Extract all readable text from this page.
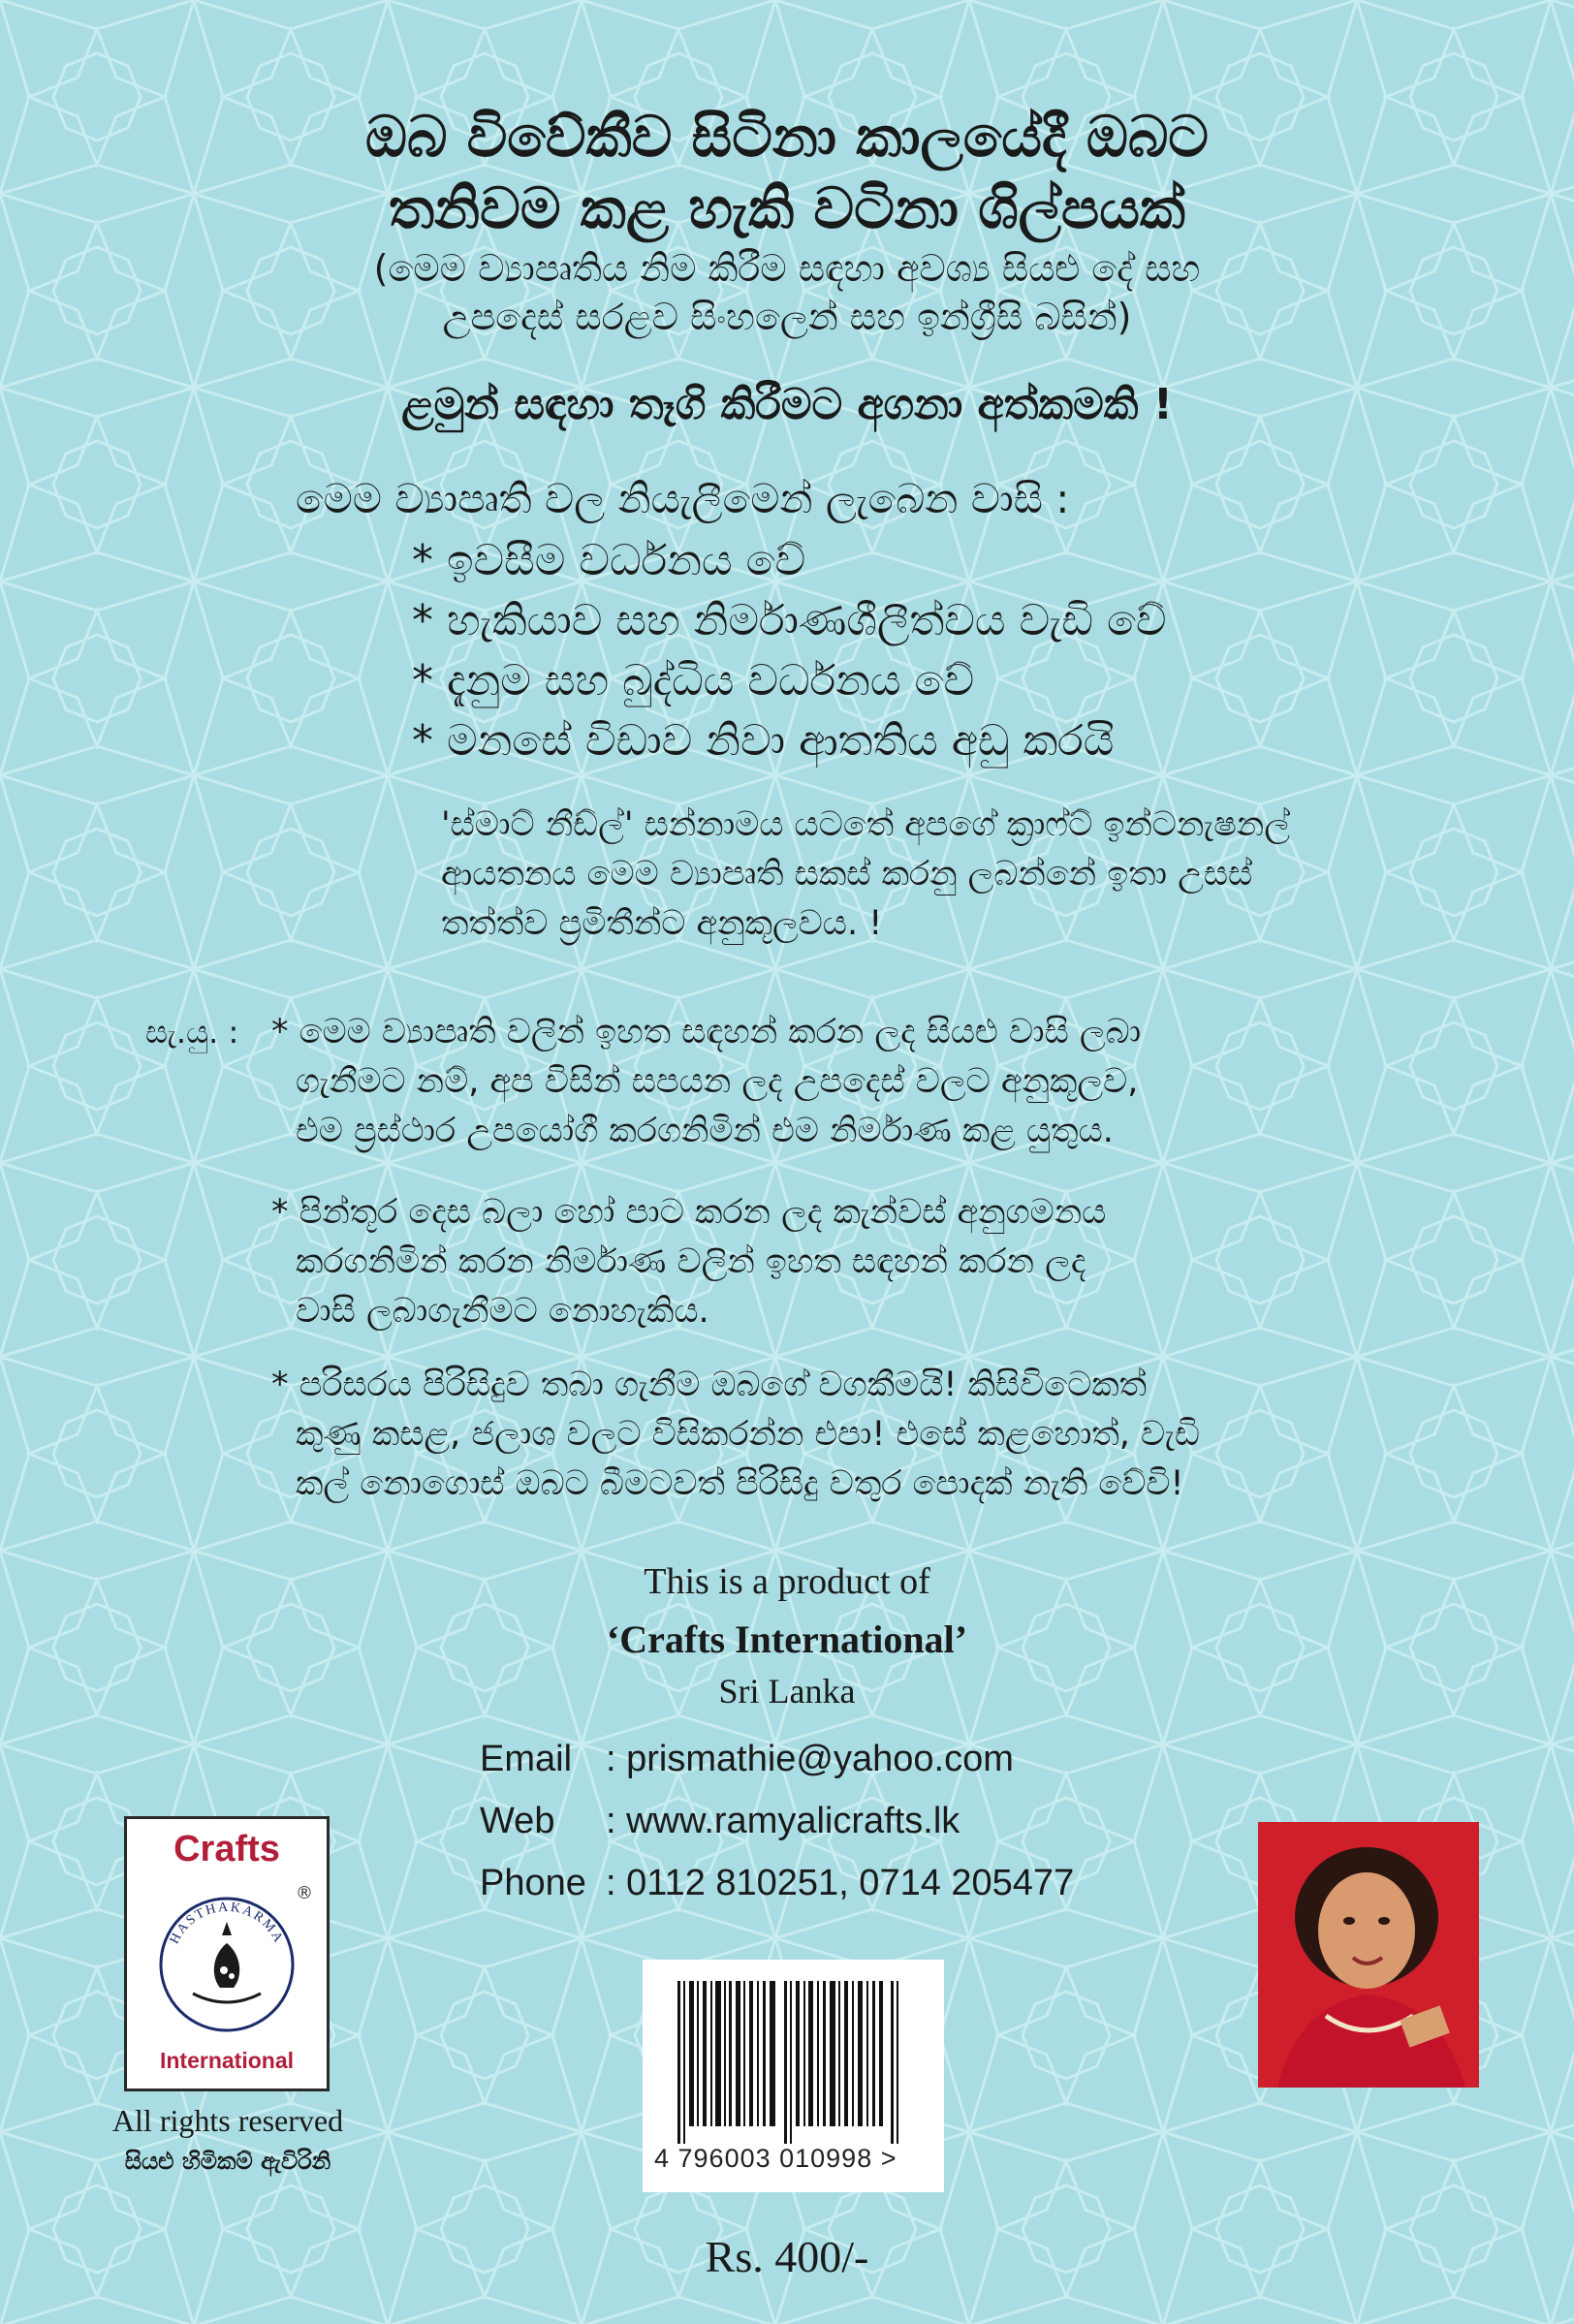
ඔබ විවේකීව සිටිනා කාලයේදී ඔබට
තනිවම කළ හැකි වටිනා ශිල්පයක්
(මෙම ව්‍යාපෘතිය නිම කිරීම සඳහා අවශ්‍ය සියළු දේ සහ
උපදෙස් සරළව සිංහලෙන් සහ ඉන්ග්‍රීසි බසින්)
ළමුන් සඳහා තෑගි කිරීමට අගනා අත්කමකි !
මෙම ව්‍යාපෘති වල නියැලීමෙන් ලැබෙන වාසි :
* ඉවසීම වර්ධනය වේ
* හැකියාව සහ නිර්මාණශීලීත්වය වැඩි වේ
* දැනුම සහ බුද්ධිය වර්ධනය වේ
* මනසේ විඩාව නිවා ආතතිය අඩු කරයි
'ස්මාට් නීඩ්ල්' සන්නාමය යටතේ අපගේ ක්‍රාෆ්ට් ඉන්ටනැෂනල්
ආයතනය මෙම ව්‍යාපෘති සකස් කරනු ලබන්නේ ඉතා උසස්
තත්ත්ව ප්‍රමිතීන්ට අනුකූලවය. !
සැ.යු. : * මෙම ව්‍යාපෘති වලින් ඉහත සඳහන් කරන ලද සියළු වාසි ලබා
ගැනීමට නම්, අප විසින් සපයන ලද උපදෙස් වලට අනුකූලව,
එම ප්‍රස්ථාර උපයෝගී කරගනිමින් එම නිර්මාණ කළ යුතුය.
* පින්තූර දෙස බලා හෝ පාට කරන ලද කැන්වස් අනුගමනය
කරගනිමින් කරන නිර්මාණ වලින් ඉහත සඳහන් කරන ලද
වාසි ලබාගැනීමට නොහැකිය.
* පරිසරය පිරිසිදුව තබා ගැනීම ඔබගේ වගකීමයි! කිසිවිටෙකත්
කුණු කසළ, ජලාශ වලට විසිකරන්න එපා! එසේ කළහොත්, වැඩි
කල් නොගොස් ඔබට බීමටවත් පිරිසිදු වතුර පොදක් නැති වේවි!
This is a product of
‘Crafts International’
Sri Lanka
Email : prismathie@yahoo.com
Web : www.ramyalicrafts.lk
Phone : 0112 810251, 0714 205477
Crafts
®
HASTHAKARMA
International
All rights reserved
සියළු හිමිකම් ඇවිරිනි	4 796003 010998 >
Rs. 400/-
